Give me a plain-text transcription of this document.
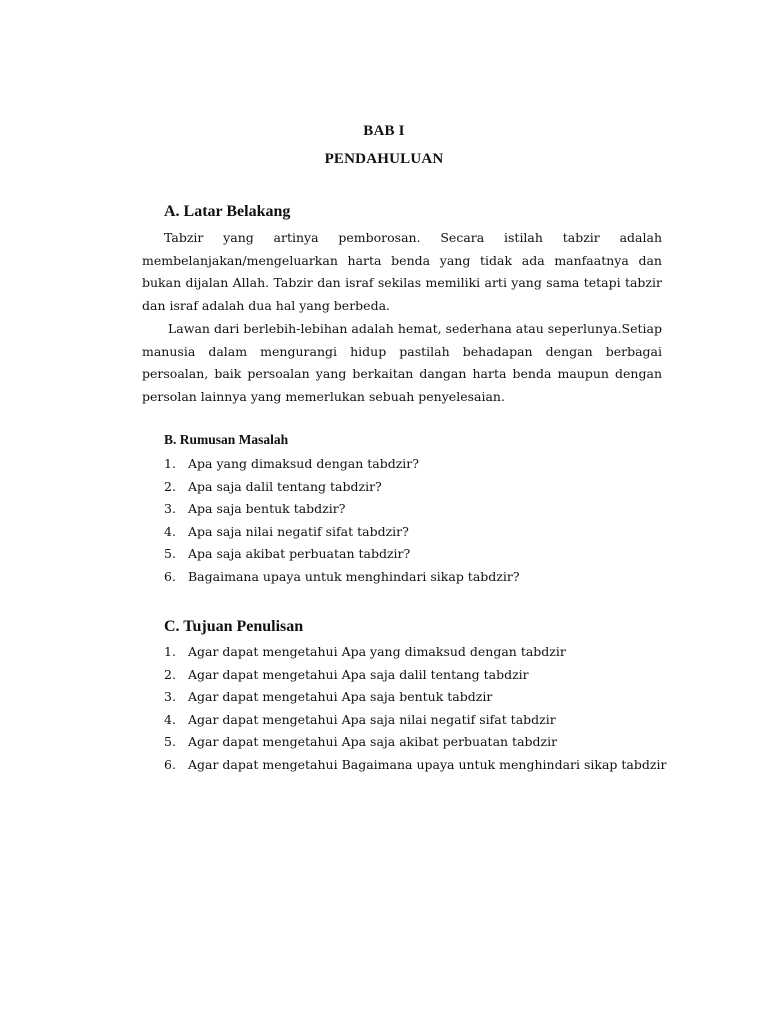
BAB I
PENDAHULUAN
A. Latar Belakang
Tabzir yang artinya pemborosan. Secara istilah tabzir adalah membelanjakan/mengeluarkan harta benda yang tidak ada manfaatnya dan bukan dijalan Allah. Tabzir dan israf sekilas memiliki arti yang sama tetapi tabzir dan israf adalah dua hal yang berbeda.
Lawan dari berlebih-lebihan adalah hemat, sederhana atau seperlunya.Setiap manusia dalam mengurangi hidup pastilah behadapan dengan berbagai persoalan, baik persoalan yang berkaitan dangan harta benda maupun dengan persolan lainnya yang memerlukan sebuah penyelesaian.
B. Rumusan Masalah
1. Apa yang dimaksud dengan tabdzir?
2. Apa saja dalil tentang tabdzir?
3. Apa saja bentuk tabdzir?
4. Apa saja nilai negatif sifat tabdzir?
5. Apa saja akibat perbuatan tabdzir?
6. Bagaimana upaya untuk menghindari sikap tabdzir?
C. Tujuan Penulisan
1. Agar dapat mengetahui Apa yang dimaksud dengan tabdzir
2. Agar dapat mengetahui Apa saja dalil tentang tabdzir
3. Agar dapat mengetahui Apa saja bentuk tabdzir
4. Agar dapat mengetahui Apa saja nilai negatif sifat tabdzir
5. Agar dapat mengetahui Apa saja akibat perbuatan tabdzir
6. Agar dapat mengetahui Bagaimana upaya untuk menghindari sikap tabdzir
